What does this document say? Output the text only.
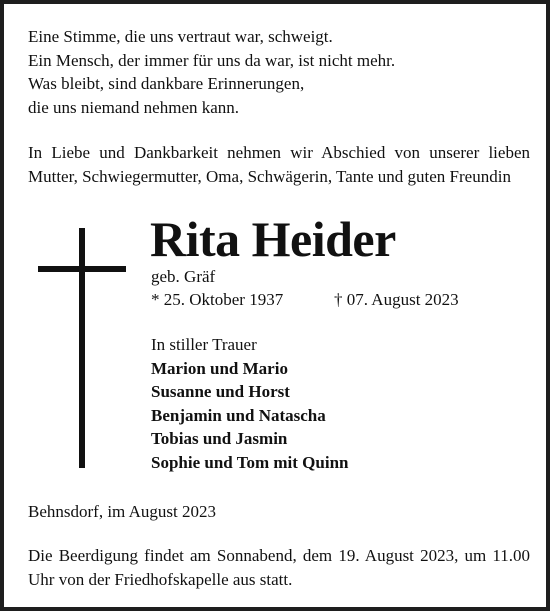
Eine Stimme, die uns vertraut war, schweigt.
Ein Mensch, der immer für uns da war, ist nicht mehr.
Was bleibt, sind dankbare Erinnerungen,
die uns niemand nehmen kann.
In Liebe und Dankbarkeit nehmen wir Abschied von unserer lieben Mutter, Schwiegermutter, Oma, Schwägerin, Tante und guten Freundin
Rita Heider
geb. Gräf
* 25. Oktober 1937	† 07. August 2023
In stiller Trauer
Marion und Mario
Susanne und Horst
Benjamin und Natascha
Tobias und Jasmin
Sophie und Tom mit Quinn
Behnsdorf, im August 2023
Die Beerdigung findet am Sonnabend, dem 19. August 2023, um 11.00 Uhr von der Friedhofskapelle aus statt.
